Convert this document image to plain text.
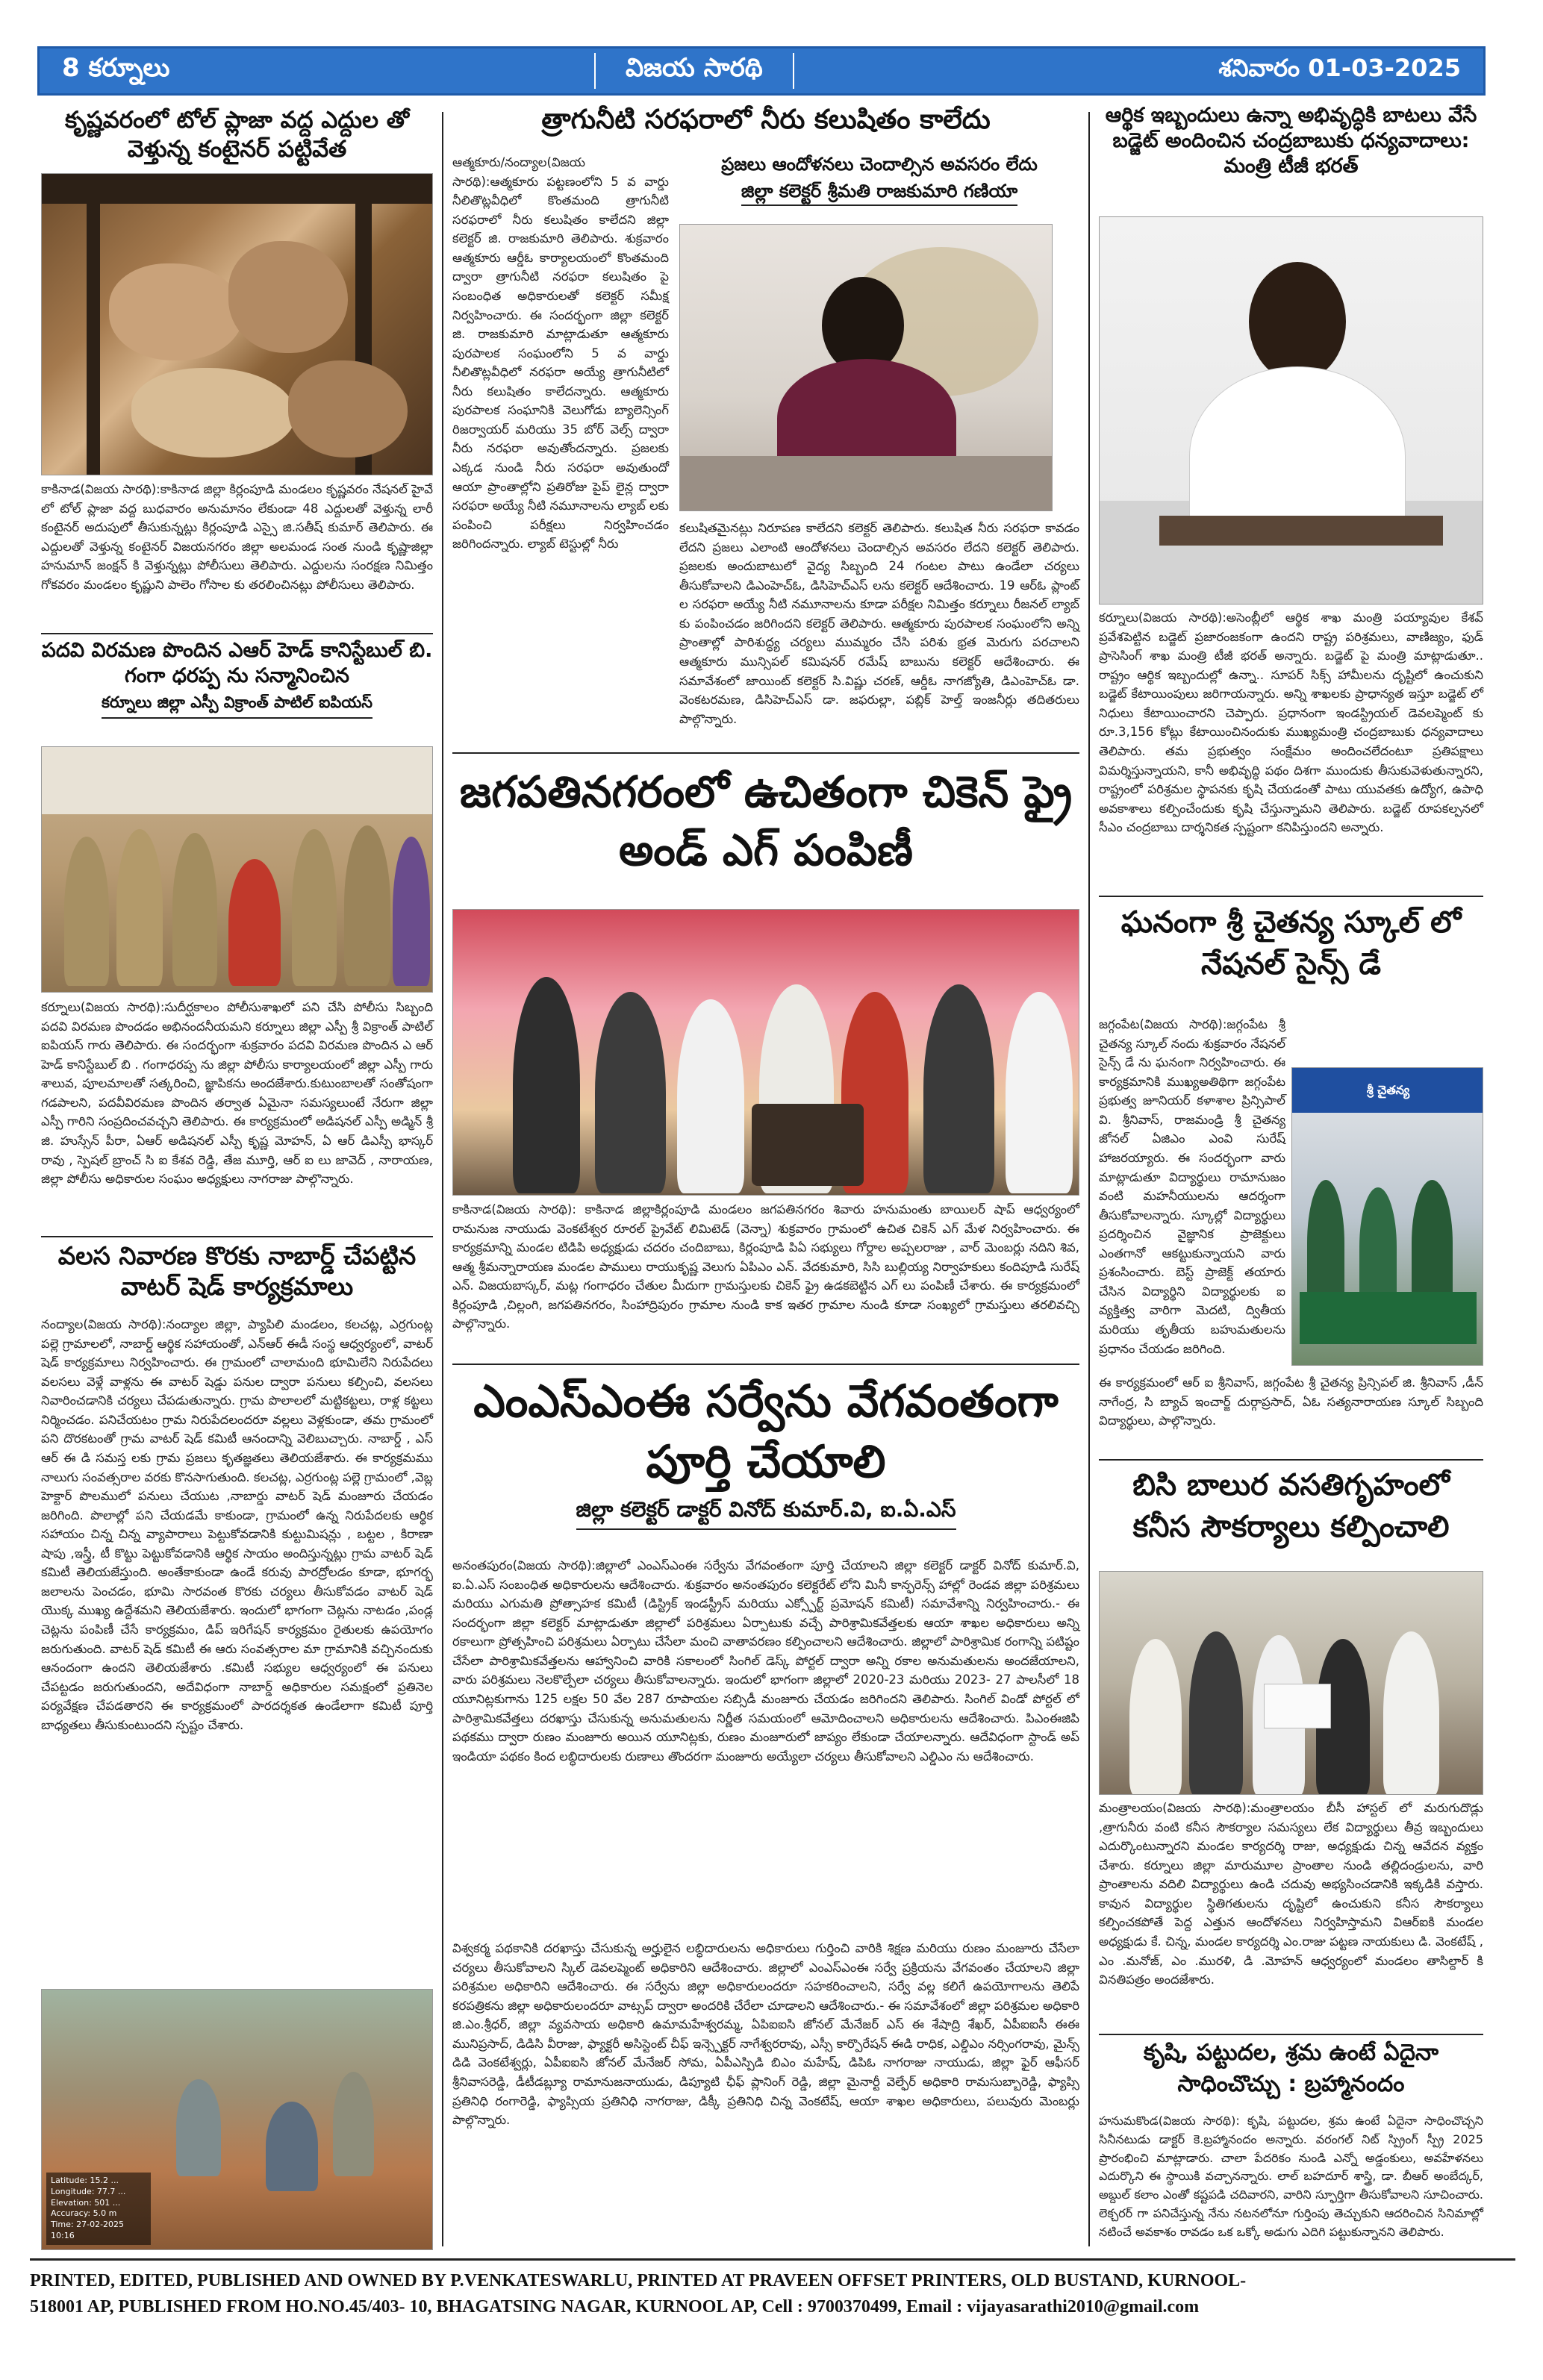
8 కర్నూలు	విజయ సారథి	శనివారం 01-03-2025
కృష్ణవరంలో టోల్ ప్లాజా వద్ద ఎద్దుల తో వెళ్తున్న కంటైనర్ పట్టివేత
కాకినాడ(విజయ సారథి):కాకినాడ జిల్లా కిర్లంపూడి మండలం కృష్ణవరం నేషనల్ హైవే లో టోల్ ప్లాజా వద్ద బుధవారం అనుమానం లేకుండా 48 ఎద్దులతో వెళ్తున్న లారీ కంటైనర్ అదుపులో తీసుకున్నట్లు కిర్లంపూడి ఎస్సై జి.సతీష్ కుమార్ తెలిపారు. ఈ ఎద్దులతో వెళ్తున్న కంటైనర్ విజయనగరం జిల్లా అలమండ సంత నుండి కృష్ణాజిల్లా హనుమాన్ జంక్షన్ కి వెళ్తున్నట్లు పోలీసులు తెలిపారు. ఎద్దులను సంరక్షణ నిమిత్తం గోకవరం మండలం కృష్ణుని పాలెం గోసాల కు తరలించినట్లు పోలీసులు తెలిపారు.
పదవి విరమణ పొందిన ఎఆర్ హెడ్ కానిస్టేబుల్ బి. గంగా ధరప్ప ను సన్మానించిన
కర్నూలు జిల్లా ఎస్పీ విక్రాంత్ పాటిల్ ఐపియస్
కర్నూలు(విజయ సారథి):సుదీర్ఘకాలం పోలీసుశాఖలో పని చేసి పోలీసు సిబ్బంది పదవి విరమణ పొందడం అభినందనీయమని కర్నూలు జిల్లా ఎస్పీ శ్రీ విక్రాంత్ పాటిల్ ఐపియస్ గారు తెలిపారు. ఈ సందర్భంగా శుక్రవారం పదవి విరమణ పొందిన ఎ ఆర్ హెడ్ కానిస్టేబుల్ బి . గంగాధరప్ప ను జిల్లా పోలీసు కార్యాలయంలో జిల్లా ఎస్పీ గారు శాలువ, పూలమాలతో సత్కరించి, జ్ఞాపికను అందజేశారు.కుటుంబాలతో సంతోషంగా గడపాలని, పదవీవిరమణ పొందిన తర్వాత ఏమైనా సమస్యలుంటే నేరుగా జిల్లా ఎస్పీ గారిని సంప్రదించవచ్చని తెలిపారు. ఈ కార్యక్రమంలో అడిషనల్ ఎస్పీ అడ్మిన్ శ్రీ జి. హుస్సేన్ పీరా, ఏఆర్ అడిషనల్ ఎస్పీ కృష్ణ మోహన్, ఏ ఆర్ డిఎస్పీ భాస్కర్ రావు , స్పెషల్ బ్రాంచ్ సి ఐ కేశవ రెడ్డి, తేజ మూర్తి, ఆర్ ఐ లు జావెద్ , నారాయణ, జిల్లా పోలీసు అధికారుల సంఘం అధ్యక్షులు నాగరాజు పాల్గొన్నారు.
వలస నివారణ కొరకు నాబార్డ్ చేపట్టిన వాటర్ షెడ్ కార్యక్రమాలు
నంద్యాల(విజయ సారథి):నంద్యాల జిల్లా, ప్యాపిలి మండలం, కలచట్ల, ఎర్రగుంట్ల పల్లె గ్రామాలలో, నాబార్డ్ ఆర్థిక సహాయంతో, ఎన్ఆర్ ఈడీ సంస్థ ఆధ్వర్యంలో, వాటర్ షెడ్ కార్యక్రమాలు నిర్వహించారు. ఈ గ్రామంలో చాలామంది భూమిలేని నిరుపేదలు వలసలు వెళ్లే వాళ్లను ఈ వాటర్ షెడ్డు పనుల ద్వారా పనులు కల్పించి, వలసలు నివారించడానికి చర్యలు చేపడుతున్నారు. గ్రామ పొలాలలో మట్టికట్టలు, రాళ్ల కట్టలు నిర్మించడం. పనిచేయటం గ్రామ నిరుపేదలందరూ వల్లలు వెళ్లకుండా, తమ గ్రామంలో పని దొరకటంతో గ్రామ వాటర్ షెడ్ కమిటీ ఆనందాన్ని వెలిబుచ్చారు. నాబార్డ్ , ఎస్ ఆర్ ఈ డి సమస్త లకు గ్రామ ప్రజలు కృతజ్ఞతలు తెలియజేశారు. ఈ కార్యక్రమము నాలుగు సంవత్సరాల వరకు కొనసాగుతుంది. కలచట్ల, ఎర్రగుంట్ల పల్లె గ్రామంలో ,వెబ్ల హెక్టార్ పొలములో పనులు చేయుట ,నాబార్డు వాటర్ షెడ్ మంజూరు చేయడం జరిగింది. పొలాల్లో పని చేయడమే కాకుండా, గ్రామంలో ఉన్న నిరుపేదలకు ఆర్థిక సహాయం చిన్న చిన్న వ్యాపారాలు పెట్టుకోవడానికి కుట్టుమిషన్లు , బట్టల , కిరాణా షాపు ,ఇస్త్రీ, టీ కొట్టు పెట్టుకోవడానికి ఆర్థిక సాయం అందిస్తున్నట్లు గ్రామ వాటర్ షెడ్ కమిటీ తెలియజేస్తుంది. అంతేకాకుండా ఉండే కరువు పారద్రోలడం కూడా, భూగర్భ జలాలను పెంచడం, భూమి సారవంత కొరకు చర్యలు తీసుకోవడం వాటర్ షెడ్ యొక్క ముఖ్య ఉద్దేశమని తెలియజేశారు. ఇందులో భాగంగా చెట్లను నాటడం ,పండ్ల చెట్లను పంపిణీ చేసే కార్యక్రమం, డిప్ ఇరిగేషన్ కార్యక్రమం రైతులకు ఉపయోగం జరుగుతుంది. వాటర్ షెడ్ కమిటీ ఈ ఆరు సంవత్సరాల మా గ్రామానికి వచ్చినందుకు ఆనందంగా ఉందని తెలియజేశారు .కమిటీ సభ్యుల ఆధ్వర్యంలో ఈ పనులు చేపట్టడం జరుగుతుందని, అదేవిధంగా నాబార్డ్ అధికారుల సమక్షంలో ప్రతినెల పర్యవేక్షణ చేపడతారని ఈ కార్యక్రమంలో పారదర్శకత ఉండేలాగా కమిటీ పూర్తి బాధ్యతలు తీసుకుంటుందని స్పష్టం చేశారు.
Latitude: 15.2 ...
Longitude: 77.7 ...
Elevation: 501 ...
Accuracy: 5.0 m
Time: 27-02-2025 10:16
త్రాగునీటి సరఫరాలో నీరు కలుషితం కాలేదు
ఆత్మకూరు/నంద్యాల(విజయ సారథి):ఆత్మకూరు పట్టణంలోని 5 వ వార్డు నీలితొట్లవీధిలో కొంతమంది త్రాగునీటి సరఫరాలో నీరు కలుషితం కాలేదని జిల్లా కలెక్టర్ జి. రాజకుమారి తెలిపారు. శుక్రవారం ఆత్మకూరు ఆర్డీఓ కార్యాలయంలో కొంతమంది ద్వారా త్రాగునీటి నరఫరా కలుషితం పై సంబంధిత అధికారులతో కలెక్టర్ సమీక్ష నిర్వహించారు. ఈ సందర్భంగా జిల్లా కలెక్టర్ జి. రాజకుమారి మాట్లాడుతూ ఆత్మకూరు పురపాలక సంఘంలోని 5 వ వార్డు నీలితొట్లవీధిలో నరఫరా అయ్యే త్రాగునీటిలో నీరు కలుషితం కాలేదన్నారు. ఆత్మకూరు పురపాలక సంఘానికి వెలుగోడు బ్యాలెన్సింగ్ రిజర్వాయర్ మరియు 35 బోర్ వెల్స్ ద్వారా నీరు నరఫరా అవుతోందన్నారు. ప్రజలకు ఎక్కడ నుండి నీరు సరఫరా అవుతుందో ఆయా ప్రాంతాల్లోని ప్రతిరోజు పైప్ లైన్ల ద్వారా సరఫరా అయ్యే నీటి నమూనాలను ల్యాబ్ లకు పంపించి పరీక్షలు నిర్వహించడం జరిగిందన్నారు. ల్యాబ్ టెస్టుల్లో నీరు
ప్రజలు ఆందోళనలు చెందాల్సిన అవసరం లేదు
జిల్లా కలెక్టర్ శ్రీమతి రాజకుమారి గణియా
కలుషితమైనట్లు నిరూపణ కాలేదని కలెక్టర్ తెలిపారు. కలుషిత నీరు సరఫరా కావడం లేదని ప్రజలు ఎలాంటి ఆందోళనలు చెందాల్సిన అవసరం లేదని కలెక్టర్ తెలిపారు. ప్రజలకు అందుబాటులో వైద్య సిబ్బంది 24 గంటల పాటు ఉండేలా చర్యలు తీసుకోవాలని డిఎంహెచ్ఓ, డిసిహెచ్ఎస్ లను కలెక్టర్ ఆదేశించారు. 19 ఆర్ఓ ప్లాంట్ ల సరఫరా అయ్యే నీటి నమూనాలను కూడా పరీక్షల నిమిత్తం కర్నూలు రీజనల్ ల్యాబ్ కు పంపించడం జరిగిందని కలెక్టర్ తెలిపారు. ఆత్మకూరు పురపాలక సంఘంలోని అన్ని ప్రాంతాల్లో పారిశుద్ధ్య చర్యలు ముమ్మరం చేసి పరిశు భ్రత మెరుగు పరచాలని ఆత్మకూరు మున్సిపల్ కమిషనర్ రమేష్ బాబును కలెక్టర్ ఆదేశించారు. ఈ సమావేశంలో జాయింట్ కలెక్టర్ సి.విష్ణు చరణ్, ఆర్డీఓ నాగజ్యోతి, డిఎంహెచ్ఓ డా. వెంకటరమణ, డిసిహెచ్ఎస్ డా. జఫరుల్లా, పబ్లిక్ హెల్త్ ఇంజనీర్లు తదితరులు పాల్గొన్నారు.
జగపతినగరంలో ఉచితంగా చికెన్ ఫ్రై అండ్ ఎగ్ పంపిణీ
కాకినాడ(విజయ సారథి): కాకినాడ జిల్లాకిర్లంపూడి మండలం జగపతినగరం శివారు హనుమంతు బాయిలర్ షాప్ ఆధ్వర్యంలో రామనుజ నాయుడు వెంకటేశ్వర రూరల్ ప్రైవేట్ లిమిటెడ్ (వెన్నా) శుక్రవారం గ్రామంలో ఉచిత చికెన్ ఎగ్ మేళ నిర్వహించారు. ఈ కార్యక్రమాన్ని మండల టిడిపి అధ్యక్షుడు చదరం చందిబాబు, కిర్లంపూడి పిఏ సభ్యులు గోర్దాల అప్పలరాజు , వార్ మెంబర్లు నదిని శివ, ఆత్మ శ్రీమన్నారాయణ మండల పాములు రాయుకృష్ణ వెలుగు ఏపిఎం ఎన్. వేదకుమారి, సిసి బుల్లియ్య నిర్వాహకులు కందిపూడి సురేష్ ఎన్. విజయబాస్కర్, మట్ల గంగాధరం చేతుల మీదుగా గ్రామస్తులకు చికెన్ ఫ్రై ఉడకబెట్టిన ఎగ్ లు పంపిణీ చేశారు. ఈ కార్యక్రమంలో కిర్లంపూడి ,చిల్లంగి, జగపతినగరం, సింహాద్రిపురం గ్రామాల నుండి కాక ఇతర గ్రామాల నుండి కూడా సంఖ్యలో గ్రామస్తులు తరలివచ్చి పాల్గొన్నారు.
ఎంఎస్ఎంఈ సర్వేను వేగవంతంగా పూర్తి చేయాలి
జిల్లా కలెక్టర్ డాక్టర్ వినోద్ కుమార్.వి, ఐ.ఏ.ఎస్
అనంతపురం(విజయ సారథి):జిల్లాలో ఎంఎస్ఎంఈ సర్వేను వేగవంతంగా పూర్తి చేయాలని జిల్లా కలెక్టర్ డాక్టర్ వినోద్ కుమార్.వి, ఐ.ఏ.ఎస్ సంబంధిత అధికారులను ఆదేశించారు. శుక్రవారం అనంతపురం కలెక్టరేట్ లోని మినీ కాన్ఫరెన్స్ హాల్లో రెండవ జిల్లా పరిశ్రమలు మరియు ఎగుమతి ప్రోత్సాహక కమిటీ (డిస్ట్రిక్ ఇండస్ట్రీస్ మరియు ఎక్స్పోర్ట్ ప్రమోషన్ కమిటీ) సమావేశాన్ని నిర్వహించారు.- ఈ సందర్భంగా జిల్లా కలెక్టర్ మాట్లాడుతూ జిల్లాలో పరిశ్రమలు ఏర్పాటుకు వచ్చే పారిశ్రామికవేత్తలకు ఆయా శాఖల అధికారులు అన్ని రకాలుగా ప్రోత్సహించి పరిశ్రమలు ఏర్పాటు చేసేలా మంచి వాతావరణం కల్పించాలని ఆదేశించారు. జిల్లాలో పారిశ్రామిక రంగాన్ని పటిష్టం చేసేలా పారిశ్రామికవేత్తలను ఆహ్వానించి వారికి సకాలంలో సింగిల్ డెస్క్ పోర్టల్ ద్వారా అన్ని రకాల అనుమతులను అందజేయాలని, వారు పరిశ్రమలు నెలకొల్పేలా చర్యలు తీసుకోవాలన్నారు. ఇందులో భాగంగా జిల్లాలో 2020-23 మరియు 2023- 27 పాలసీలో 18 యూనిట్లకుగాను 125 లక్షల 50 వేల 287 రూపాయల సబ్సిడీ మంజూరు చేయడం జరిగిందని తెలిపారు. సింగిల్ విండో పోర్టల్ లో పారిశ్రామికవేత్తలు దరఖాస్తు చేసుకున్న అనుమతులను నిర్ణీత సమయంలో ఆమోదించాలని అధికారులను ఆదేశించారు. పిఎంఈజిపి పథకము ద్వారా రుణం మంజూరు అయిన యూనిట్లకు, రుణం మంజూరులో జాప్యం లేకుండా చేయాలన్నారు. ఆదేవిధంగా స్టాండ్ అప్ ఇండియా పథకం కింద లబ్ధిదారులకు రుణాలు తొందరగా మంజూరు అయ్యేలా చర్యలు తీసుకోవాలని ఎల్డిఎం ను ఆదేశించారు.
విశ్వకర్మ పథకానికి దరఖాస్తు చేసుకున్న అర్హులైన లబ్ధిదారులను అధికారులు గుర్తించి వారికి శిక్షణ మరియు రుణం మంజూరు చేసేలా చర్యలు తీసుకోవాలని స్కిల్ డెవలప్మెంట్ అధికారిని ఆదేశించారు. జిల్లాలో ఎంఎస్ఎంఈ సర్వే ప్రక్రియను వేగవంతం చేయాలని జిల్లా పరిశ్రమల అధికారిని ఆదేశించారు. ఈ సర్వేను జిల్లా అధికారులందరూ సహకరించాలని, సర్వే వల్ల కలిగే ఉపయోగాలను తెలిపే కరపత్రికను జిల్లా అధికారులందరూ వాట్సప్ ద్వారా అందరికి చేరేలా చూడాలని ఆదేశించారు.- ఈ సమావేశంలో జిల్లా పరిశ్రమల అధికారి జి.ఎం.శ్రీధర్, జిల్లా వ్యవసాయ అధికారి ఉమామహేశ్వరమ్మ, ఏపిఐఐసి జోనల్ మేనేజర్ ఎస్ ఈ శేషాద్రి శేఖర్, ఏపీఐఐసీ ఈఈ మునిప్రసాద్, డిడిసి వీరాజు, ఫ్యాక్టరీ అసిస్టెంట్ చీఫ్ ఇన్స్పెక్టర్ నాగేశ్వరరావు, ఎస్సీ కార్పొరేషన్ ఈడి రాధిక, ఎల్డిఎం నర్సింగరావు, మైన్స్ డిడి వెంకటేశ్వర్లు, ఏపీఐఐసి జోనల్ మేనేజర్ సోమ, ఏపీఎస్పిడి బిఎం మహేష్, డిపిఓ నాగరాజు నాయుడు, జిల్లా ఫైర్ ఆఫీసర్ శ్రీనివాసరెడ్డి, డీటీడబ్ల్యూ రామానుజనాయుడు, డిప్యూటి ఛీఫ్ ప్లానింగ్ రెడ్డి, జిల్లా మైనార్టీ వెల్ఫేర్ అధికారి రామసుబ్బారెడ్డి, ఫ్యాప్సి ప్రతినిధి రంగారెడ్డి, ఫ్యాప్సియ ప్రతినిధి నాగరాజు, డిక్కీ ప్రతినిధి చిన్న వెంకటేష్, ఆయా శాఖల అధికారులు, పలువురు మెంబర్లు పాల్గొన్నారు.
ఆర్థిక ఇబ్బందులు ఉన్నా అభివృద్ధికి బాటలు వేసే బడ్జెట్ అందించిన చంద్రబాబుకు ధన్యవాదాలు: మంత్రి టీజీ భరత్
కర్నూలు(విజయ సారథి):అసెంబ్లీలో ఆర్థిక శాఖ మంత్రి పయ్యావుల కేశవ్ ప్రవేశపెట్టిన బడ్జెట్ ప్రజారంజకంగా ఉందని రాష్ట్ర పరిశ్రమలు, వాణిజ్యం, ఫుడ్ ప్రాసెసింగ్ శాఖ మంత్రి టీజీ భరత్ అన్నారు. బడ్జెట్ పై మంత్రి మాట్లాడుతూ.. రాష్ట్రం ఆర్థిక ఇబ్బందుల్లో ఉన్నా.. సూపర్ సిక్స్ హామీలను దృష్టిలో ఉంచుకుని బడ్జెట్ కేటాయింపులు జరిగాయన్నారు. అన్ని శాఖలకు ప్రాధాన్యత ఇస్తూ బడ్జెట్ లో నిధులు కేటాయించారని చెప్పారు. ప్రధానంగా ఇండస్ట్రియల్ డెవలప్మెంట్ కు రూ.3,156 కోట్లు కేటాయించినందుకు ముఖ్యమంత్రి చంద్రబాబుకు ధన్యవాదాలు తెలిపారు. తమ ప్రభుత్వం సంక్షేమం అందించలేదంటూ ప్రతిపక్షాలు విమర్శిస్తున్నాయని, కానీ అభివృద్ధి పథం దిశగా ముందుకు తీసుకువెళుతున్నారని, రాష్ట్రంలో పరిశ్రమల స్థాపనకు కృషి చేయడంతో పాటు యువతకు ఉద్యోగ, ఉపాధి అవకాశాలు కల్పించేందుకు కృషి చేస్తున్నామని తెలిపారు. బడ్జెట్ రూపకల్పనలో సీఎం చంద్రబాబు దార్శనికత స్పష్టంగా కనిపిస్తుందని అన్నారు.
ఘనంగా శ్రీ చైతన్య స్కూల్ లో నేషనల్ సైన్స్ డే
జగ్గంపేట(విజయ సారథి):జగ్గంపేట శ్రీ చైతన్య స్కూల్ నందు శుక్రవారం నేషనల్ సైన్స్ డే ను ఘనంగా నిర్వహించారు. ఈ కార్యక్రమానికి ముఖ్యఅతిథిగా జగ్గంపేట ప్రభుత్వ జూనియర్ కళాశాల ప్రిన్సిపాల్ వి. శ్రీనివాస్, రాజమండ్రి శ్రీ చైతన్య జోనల్ ఏజిఎం ఎంవి సురేష్ హాజరయ్యారు. ఈ సందర్భంగా వారు మాట్లాడుతూ విద్యార్థులు రామానుజం వంటి మహనీయులను ఆదర్శంగా తీసుకోవాలన్నారు. స్కూల్లో విద్యార్థులు ప్రదర్శించిన వైజ్ఞానిక ప్రాజెక్టులు ఎంతగానో ఆకట్టుకున్నాయని వారు ప్రశంసించారు. బెస్ట్ ప్రాజెక్ట్ తయారు చేసిన విద్యార్థిని విద్యార్థులకు ఐ వ్యక్తిత్వ వారిగా మెదటి, ద్వితీయ మరియు తృతీయ బహుమతులను ప్రధానం చేయడం జరిగింది.
శ్రీ చైతన్య
ఈ కార్యక్రమంలో ఆర్ ఐ శ్రీనివాస్, జగ్గంపేట శ్రీ చైతన్య ప్రిన్సిపల్ జి. శ్రీనివాస్ ,డీన్ నాగేంద్ర, సి బ్యాచ్ ఇంచార్జ్ దుర్గాప్రసాద్, ఏఓ సత్యనారాయణ స్కూల్ సిబ్బంది విద్యార్థులు, పాల్గొన్నారు.
బిసి బాలుర వసతిగృహంలో కనీస సౌకర్యాలు కల్పించాలి
మంత్రాలయం(విజయ సారథి):మంత్రాలయం బీసీ హాస్టల్ లో మరుగుదొడ్లు ,త్రాగునీరు వంటి కనీస సౌకర్యాల సమస్యలు లేక విద్యార్థులు తీవ్ర ఇబ్బందులు ఎదుర్కొంటున్నారని మండల కార్యదర్శి రాజు, అధ్యక్షుడు చిన్న ఆవేదన వ్యక్తం చేశారు. కర్నూలు జిల్లా మారుమూల ప్రాంతాల నుండి తల్లిదండ్రులను, వారి ప్రాంతాలను వదిలి విద్యార్థులు ఉండి చదువు అభ్యసించడానికి ఇక్కడికి వస్తారు. కావున విద్యార్థుల స్థితిగతులను దృష్టిలో ఉంచుకుని కనీస సౌకర్యాలు కల్పించకపోతే పెద్ద ఎత్తున ఆందోళనలు నిర్వహిస్తామని విఆర్ఐకి మండల అధ్యక్షుడు కే. చిన్న, మండల కార్యదర్శి ఎం.రాజు పట్టణ నాయకులు డి. వెంకటేష్ , ఎం .మనోజ్, ఎం .మురళి, డి .మోహన్ ఆధ్వర్యంలో మండలం తాసిల్దార్ కి వినతిపత్రం అందజేశారు.
కృషి, పట్టుదల, శ్రమ ఉంటే ఏదైనా సాధించొచ్చు : బ్రహ్మానందం
హనుమకొండ(విజయ సారథి): కృషి, పట్టుదల, శ్రమ ఉంటే ఏదైనా సాధించొచ్చని సినీనటుడు డాక్టర్ కె.బ్రహ్మానందం అన్నారు. వరంగల్ నిట్ స్ప్రింగ్ స్ప్రీ 2025 ప్రారంభించి మాట్లాడారు. చాలా పేదరికం నుండి ఎన్నో అడ్డంకులు, అవహేళనలు ఎదుర్కొని ఈ స్థాయికి వచ్చానన్నారు. లాల్ బహదూర్ శాస్త్రి, డా. బీఆర్ అంబేద్కర్, అబ్దుల్ కలాం ఎంతో కష్టపడి చదివారని, వారిని స్ఫూర్తిగా తీసుకోవాలని సూచించారు. లెక్చరర్ గా పనిచేస్తున్న నేను నటనలోనూ గుర్తింపు తెచ్చుకుని ఆదరించిన సినిమాల్లో నటించే అవకాశం రావడం ఒక ఒక్కో అడుగు ఎదిగి పట్టుకున్నానని తెలిపారు.
PRINTED, EDITED, PUBLISHED AND OWNED BY P.VENKATESWARLU, PRINTED AT PRAVEEN OFFSET PRINTERS, OLD BUSTAND, KURNOOL-
518001 AP, PUBLISHED FROM HO.NO.45/403- 10, BHAGATSING NAGAR, KURNOOL AP, Cell : 9700370499, Email : vijayasarathi2010@gmail.com
